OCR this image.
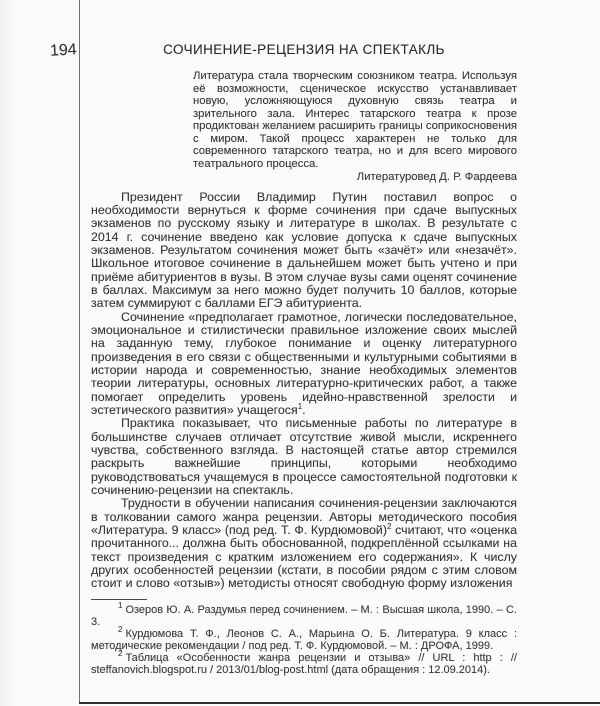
194	СОЧИНЕНИЕ-РЕЦЕНЗИЯ НА СПЕКТАКЛЬ

Литература стала творческим союзником театра. Используя её возможности, сценическое искусство устанавливает новую, усложняющуюся духовную связь театра и зрительного зала. Интерес татарского театра к прозе продиктован желанием расширить границы соприкосновения с миром. Такой процесс характерен не только для современного татарского театра, но и для всего мирового театрального процесса.

Литературовед Д. Р. Фардеева

Президент России Владимир Путин поставил вопрос о необходимости вернуться к форме сочинения при сдаче выпускных экзаменов по русскому языку и литературе в школах. В результате с 2014 г. сочинение введено как условие допуска к сдаче выпускных экзаменов. Результатом сочинения может быть «зачёт» или «незачёт». Школьное итоговое сочинение в дальнейшем может быть учтено и при приёме абитуриентов в вузы. В этом случае вузы сами оценят сочинение в баллах. Максимум за него можно будет получить 10 баллов, которые затем суммируют с баллами ЕГЭ абитуриента.

Сочинение «предполагает грамотное, логически последовательное, эмоциональное и стилистически правильное изложение своих мыслей на заданную тему, глубокое понимание и оценку литературного произведения в его связи с общественными и культурными событиями в истории народа и современностью, знание необходимых элементов теории литературы, основных литературно-критических работ, а также помогает определить уровень идейно-нравственной зрелости и эстетического развития» учащегося$^1$.

Практика показывает, что письменные работы по литературе в большинстве случаев отличает отсутствие живой мысли, искреннего чувства, собственного взгляда. В настоящей статье автор стремился раскрыть важнейшие принципы, которыми необходимо руководствоваться учащемуся в процессе самостоятельной подготовки к сочинению-рецензии на спектакль.

Трудности в обучении написания сочинения-рецензии заключаются в толковании самого жанра рецензии. Авторы методического пособия «Литература. 9 класс» (под ред. Т. Ф. Курдюмовой)$^2$ считают, что «оценка прочитанного... должна быть обоснованной, подкреплённой ссылками на текст произведения с кратким изложением его содержания». К числу других особенностей рецензии (кстати, в пособии рядом с этим словом стоит и слово «отзыв») методисты относят свободную форму изложения

$^1$ Озеров Ю. А. Раздумья перед сочинением. – М. : Высшая школа, 1990. – С. 3.

$^2$ Курдюмова Т. Ф., Леонов С. А., Марьина О. Б. Литература. 9 класс : методические рекомендации / под ред. Т. Ф. Курдюмовой. – М. : ДРОФА, 1999.

$^2$ Таблица «Особенности жанра рецензии и отзыва» // URL : http : // steffanovich.blogspot.ru / 2013/01/blog-post.html (дата обращения : 12.09.2014).
